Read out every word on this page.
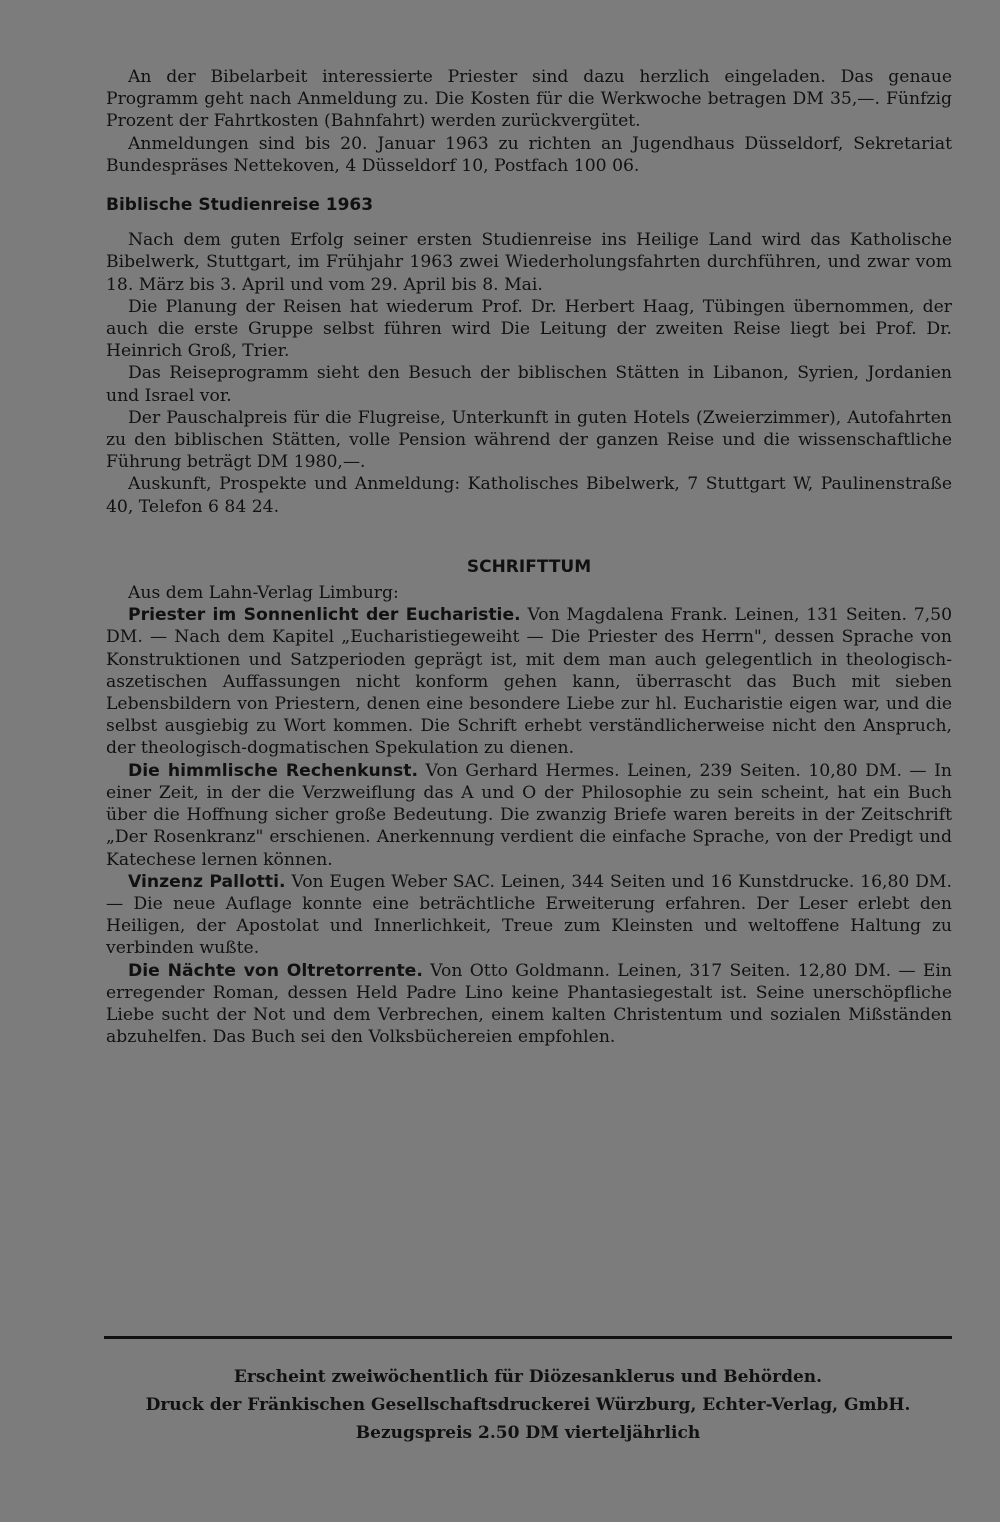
An der Bibelarbeit interessierte Priester sind dazu herzlich eingeladen. Das genaue Programm geht nach Anmeldung zu. Die Kosten für die Werkwoche betragen DM 35,—. Fünfzig Prozent der Fahrtkosten (Bahnfahrt) werden zurückvergütet.

Anmeldungen sind bis 20. Januar 1963 zu richten an Jugendhaus Düsseldorf, Sekretariat Bundespräses Nettekoven, 4 Düsseldorf 10, Postfach 100 06.

Biblische Studienreise 1963

Nach dem guten Erfolg seiner ersten Studienreise ins Heilige Land wird das Katholische Bibelwerk, Stuttgart, im Frühjahr 1963 zwei Wiederholungsfahrten durchführen, und zwar vom 18. März bis 3. April und vom 29. April bis 8. Mai.

Die Planung der Reisen hat wiederum Prof. Dr. Herbert Haag, Tübingen übernommen, der auch die erste Gruppe selbst führen wird Die Leitung der zweiten Reise liegt bei Prof. Dr. Heinrich Groß, Trier.

Das Reiseprogramm sieht den Besuch der biblischen Stätten in Libanon, Syrien, Jordanien und Israel vor.

Der Pauschalpreis für die Flugreise, Unterkunft in guten Hotels (Zweierzimmer), Autofahrten zu den biblischen Stätten, volle Pension während der ganzen Reise und die wissenschaftliche Führung beträgt DM 1980,—.

Auskunft, Prospekte und Anmeldung: Katholisches Bibelwerk, 7 Stuttgart W, Paulinenstraße 40, Telefon 6 84 24.

SCHRIFTTUM

Aus dem Lahn-Verlag Limburg:

Priester im Sonnenlicht der Eucharistie. Von Magdalena Frank. Leinen, 131 Seiten. 7,50 DM. — Nach dem Kapitel „Eucharistiegeweiht — Die Priester des Herrn", dessen Sprache von Konstruktionen und Satzperioden geprägt ist, mit dem man auch gelegentlich in theologisch-aszetischen Auffassungen nicht konform gehen kann, überrascht das Buch mit sieben Lebensbildern von Priestern, denen eine besondere Liebe zur hl. Eucharistie eigen war, und die selbst ausgiebig zu Wort kommen. Die Schrift erhebt verständlicherweise nicht den Anspruch, der theologisch-dogmatischen Spekulation zu dienen.

Die himmlische Rechenkunst. Von Gerhard Hermes. Leinen, 239 Seiten. 10,80 DM. — In einer Zeit, in der die Verzweiflung das A und O der Philosophie zu sein scheint, hat ein Buch über die Hoffnung sicher große Bedeutung. Die zwanzig Briefe waren bereits in der Zeitschrift „Der Rosenkranz" erschienen. Anerkennung verdient die einfache Sprache, von der Predigt und Katechese lernen können.

Vinzenz Pallotti. Von Eugen Weber SAC. Leinen, 344 Seiten und 16 Kunstdrucke. 16,80 DM. — Die neue Auflage konnte eine beträchtliche Erweiterung erfahren. Der Leser erlebt den Heiligen, der Apostolat und Innerlichkeit, Treue zum Kleinsten und weltoffene Haltung zu verbinden wußte.

Die Nächte von Oltretorrente. Von Otto Goldmann. Leinen, 317 Seiten. 12,80 DM. — Ein erregender Roman, dessen Held Padre Lino keine Phantasiegestalt ist. Seine unerschöpfliche Liebe sucht der Not und dem Verbrechen, einem kalten Christentum und sozialen Mißständen abzuhelfen. Das Buch sei den Volksbüchereien empfohlen.

Erscheint zweiwöchentlich für Diözesanklerus und Behörden.
Druck der Fränkischen Gesellschaftsdruckerei Würzburg, Echter-Verlag, GmbH.
Bezugspreis 2.50 DM vierteljährlich
